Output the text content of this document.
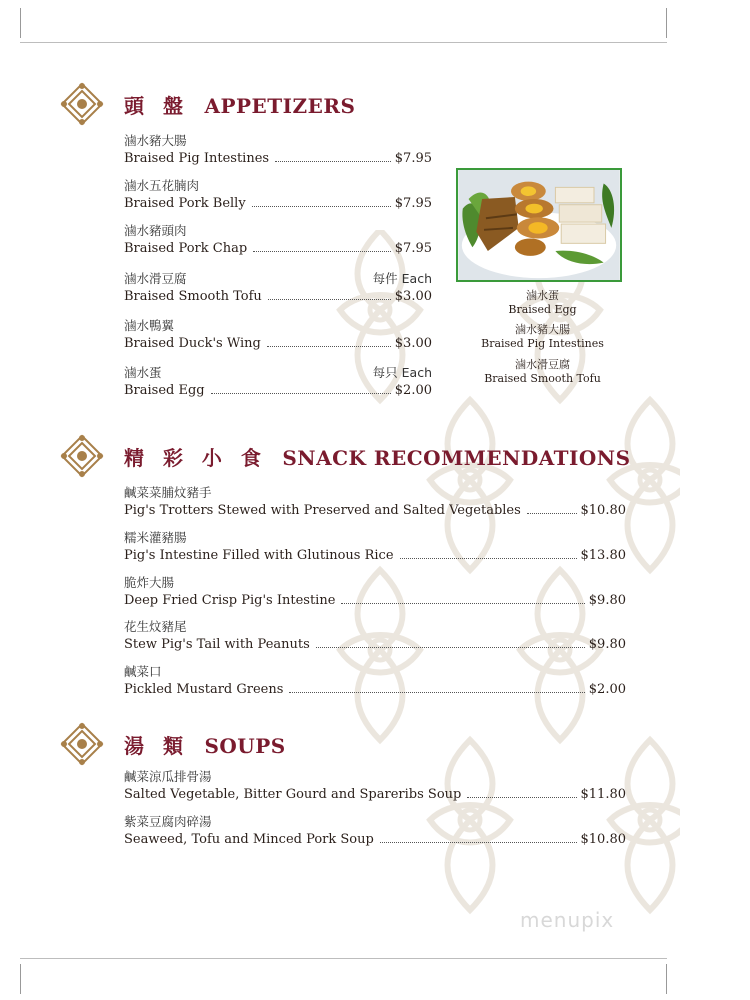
頭 盤 APPETIZERS
滷水豬大腸
Braised Pig Intestines	$7.95
滷水五花腩肉
Braised Pork Belly	$7.95
滷水豬頭肉
Braised Pork Chap	$7.95
滷水滑豆腐	每件 Each
Braised Smooth Tofu	$3.00
滷水鴨翼
Braised Duck's Wing	$3.00
滷水蛋	每只 Each
Braised Egg	$2.00
滷水蛋
Braised Egg
滷水豬大腸
Braised Pig Intestines
滷水滑豆腐
Braised Smooth Tofu
精 彩 小 食 SNACK RECOMMENDATIONS
鹹菜菜脯炆豬手
Pig's Trotters Stewed with Preserved and Salted Vegetables	$10.80
糯米灌豬腸
Pig's Intestine Filled with Glutinous Rice	$13.80
脆炸大腸
Deep Fried Crisp Pig's Intestine	$9.80
花生炆豬尾
Stew Pig's Tail with Peanuts	$9.80
鹹菜口
Pickled Mustard Greens	$2.00
湯 類 SOUPS
鹹菜涼瓜排骨湯
Salted Vegetable, Bitter Gourd and Spareribs Soup	$11.80
紫菜豆腐肉碎湯
Seaweed, Tofu and Minced Pork Soup	$10.80
menupix
